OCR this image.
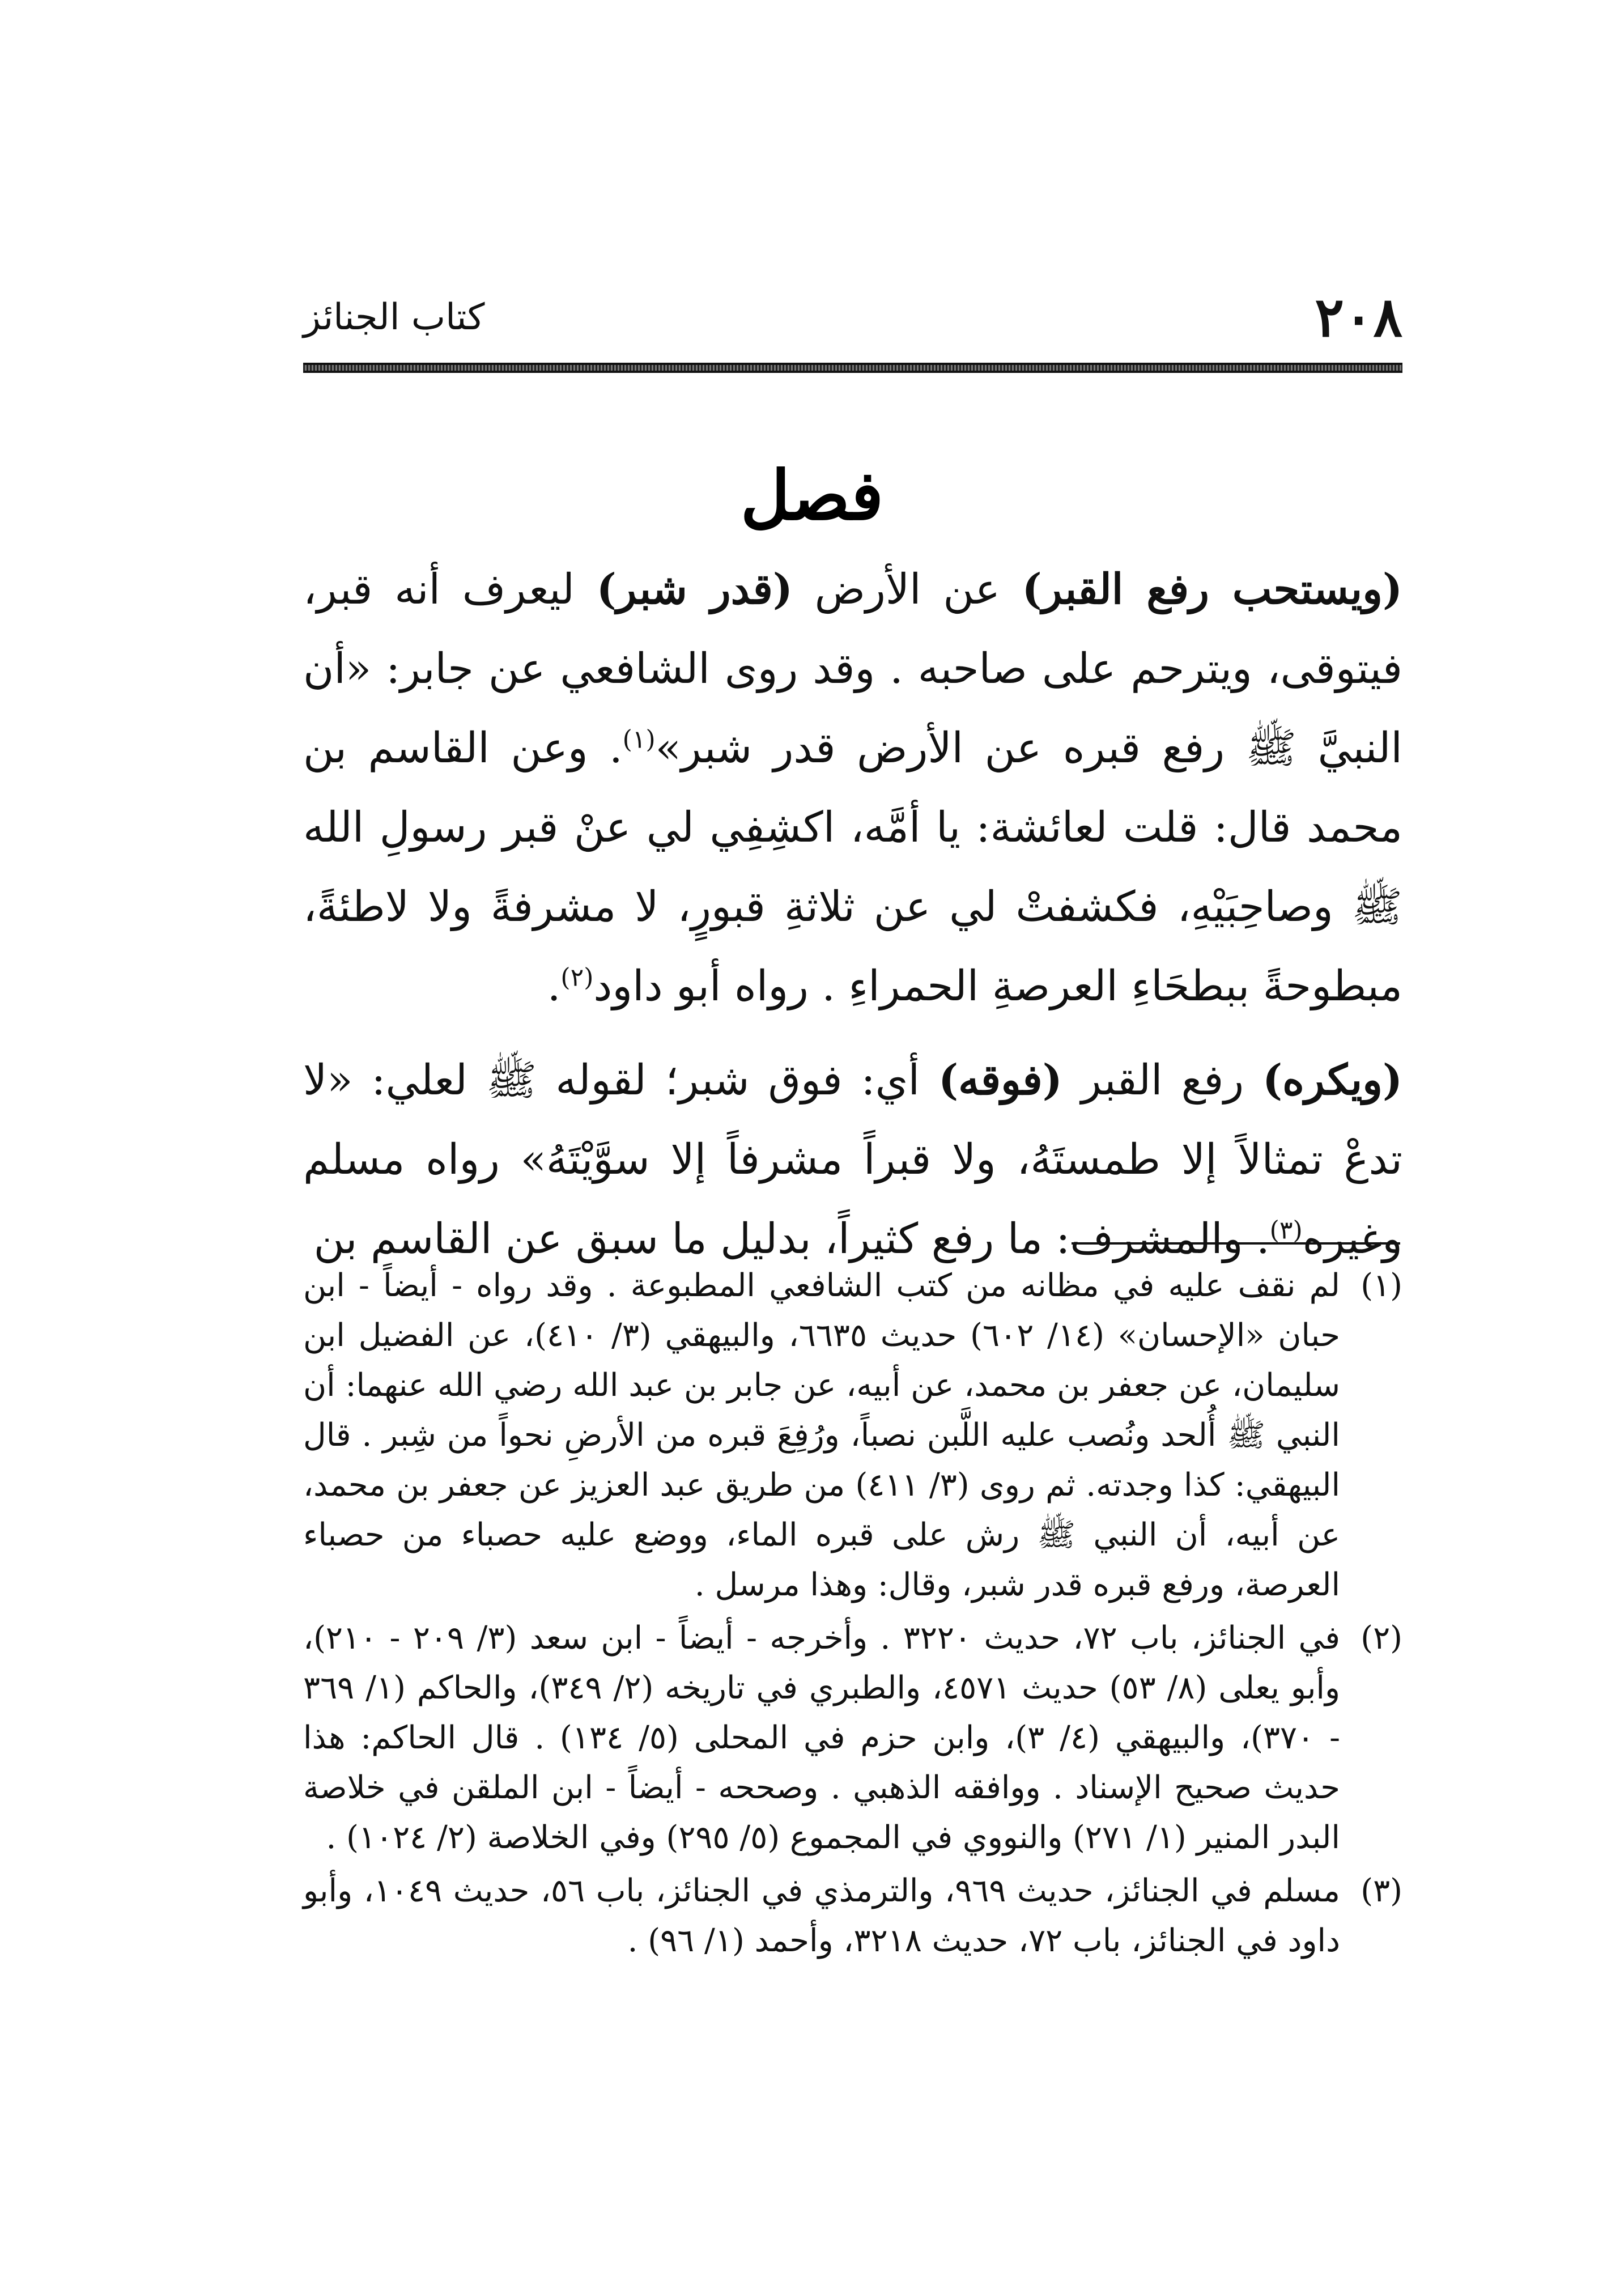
٢٠٨
كتاب الجنائز
فصل

(ويستحب رفع القبر) عن الأرض (قدر شبر) ليعرف أنه قبر، فيتوقى، ويترحم على صاحبه . وقد روى الشافعي عن جابر: «أن النبيَّ ﷺ رفع قبره عن الأرض قدر شبر»$^{(١)}$. وعن القاسم بن محمد قال: قلت لعائشة: يا أمَّه، اكشِفِي لي عنْ قبر رسولِ الله ﷺ وصاحِبَيْهِ، فكشفتْ لي عن ثلاثةِ قبورٍ، لا مشرفةً ولا لاطئةً، مبطوحةً ببطحَاءِ العرصةِ الحمراءِ . رواه أبو داود$^{(٢)}$.

(ويكره) رفع القبر (فوقه) أي: فوق شبر؛ لقوله ﷺ لعلي: «لا تدعْ تمثالاً إلا طمستَهُ، ولا قبراً مشرفاً إلا سوَّيْتَهُ» رواه مسلم وغيره$^{(٣)}$. والمشرف: ما رفع كثيراً، بدليل ما سبق عن القاسم بن

(١)
لم نقف عليه في مظانه من كتب الشافعي المطبوعة . وقد رواه - أيضاً - ابن حبان «الإحسان» (١٤/ ٦٠٢) حديث ٦٦٣٥، والبيهقي (٣/ ٤١٠)، عن الفضيل ابن سليمان، عن جعفر بن محمد، عن أبيه، عن جابر بن عبد الله رضي الله عنهما: أن النبي ﷺ أُلحد ونُصب عليه اللَّبن نصباً، ورُفِعَ قبره من الأرضِ نحواً من شِبر . قال البيهقي: كذا وجدته. ثم روى (٣/ ٤١١) من طريق عبد العزيز عن جعفر بن محمد، عن أبيه، أن النبي ﷺ رش على قبره الماء، ووضع عليه حصباء من حصباء العرصة، ورفع قبره قدر شبر، وقال: وهذا مرسل .
(٢)
في الجنائز، باب ٧٢، حديث ٣٢٢٠ . وأخرجه - أيضاً - ابن سعد (٣/ ٢٠٩ - ٢١٠)، وأبو يعلى (٨/ ٥٣) حديث ٤٥٧١، والطبري في تاريخه (٢/ ٣٤٩)، والحاكم (١/ ٣٦٩ - ٣٧٠)، والبيهقي (٤/ ٣)، وابن حزم في المحلى (٥/ ١٣٤) . قال الحاكم: هذا حديث صحيح الإسناد . ووافقه الذهبي . وصححه - أيضاً - ابن الملقن في خلاصة البدر المنير (١/ ٢٧١) والنووي في المجموع (٥/ ٢٩٥) وفي الخلاصة (٢/ ١٠٢٤) .
(٣)
مسلم في الجنائز، حديث ٩٦٩، والترمذي في الجنائز، باب ٥٦، حديث ١٠٤٩، وأبو داود في الجنائز، باب ٧٢، حديث ٣٢١٨، وأحمد (١/ ٩٦) .
